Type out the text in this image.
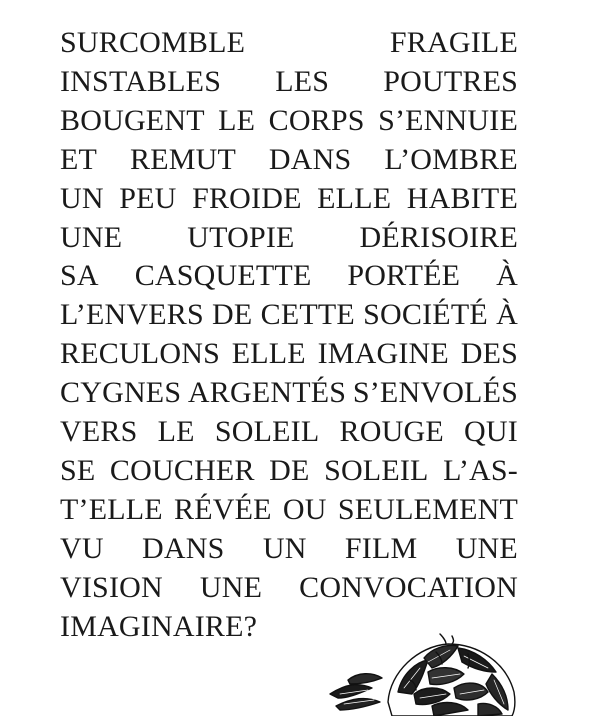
SURCOMBLE	FRAGILE
INSTABLES LES POUTRES
BOUGENT LE CORPS S’ENNUIE
ET REMUT DANS L’OMBRE
UN PEU FROIDE ELLE HABITE
UNE UTOPIE DÉRISOIRE
SA CASQUETTE PORTÉE À
L’ENVERS DE CETTE SOCIÉTÉ À
RECULONS ELLE IMAGINE DES
CYGNES ARGENTÉS S’ENVOLÉS
VERS LE SOLEIL ROUGE QUI
SE COUCHER DE SOLEIL L’AS-
T’ELLE RÉVÉE OU SEULEMENT
VU DANS UN FILM UNE
VISION UNE CONVOCATION
IMAGINAIRE?
